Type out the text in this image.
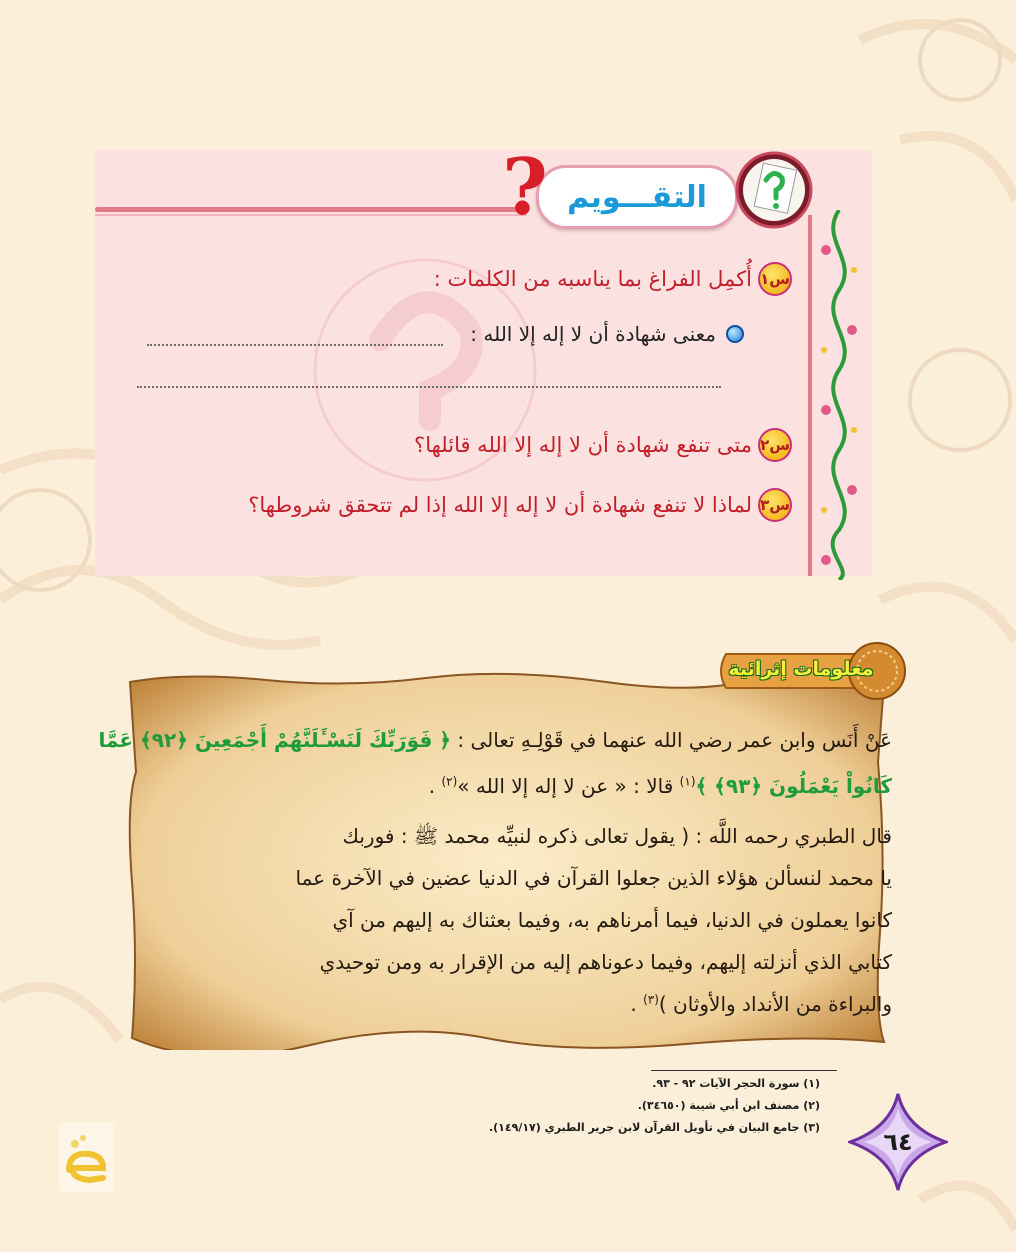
التقـــويم
?
س١
أُكمِل الفراغ بما يناسبه من الكلمات :
معنى شهادة أن لا إله إلا الله :
س٢
متى تنفع شهادة أن لا إله إلا الله قائلها؟
س٣
لماذا لا تنفع شهادة أن لا إله إلا الله إذا لم تتحقق شروطها؟
معلومات إثرائية
عَنْ أَنَس وابن عمر رضي الله عنهما في قَوْلِـهِ تعالى : ﴿ فَوَرَبِّكَ لَنَسْـَٔلَنَّهُمْ أَجْمَعِينَ ﴿٩٢﴾ عَمَّا
كَانُواْ يَعْمَلُونَ ﴿٩٣﴾ ﴾$^{(١)}$ قالا : « عن لا إله إلا الله »$^{(٢)}$ .
قال الطبري رحمه اللَّه : ( يقول تعالى ذكره لنبيِّه محمد ﷺ : فوربك
يا محمد لنسألن هؤلاء الذين جعلوا القرآن في الدنيا عضين في الآخرة عما
كانوا يعملون في الدنيا، فيما أمرناهم به، وفيما بعثناك به إليهم من آي
كتابي الذي أنزلته إليهم، وفيما دعوناهم إليه من الإقرار به ومن توحيدي
والبراءة من الأنداد والأوثان )$^{(٣)}$ .
(١) سورة الحجر الآيات ٩٢ - ٩٣.
(٢) مصنف ابن أبي شيبة (٣٤٦٥٠).
(٣) جامع البيان في تأويل القرآن لابن جرير الطبري (١٤٩/١٧).
٦٤
